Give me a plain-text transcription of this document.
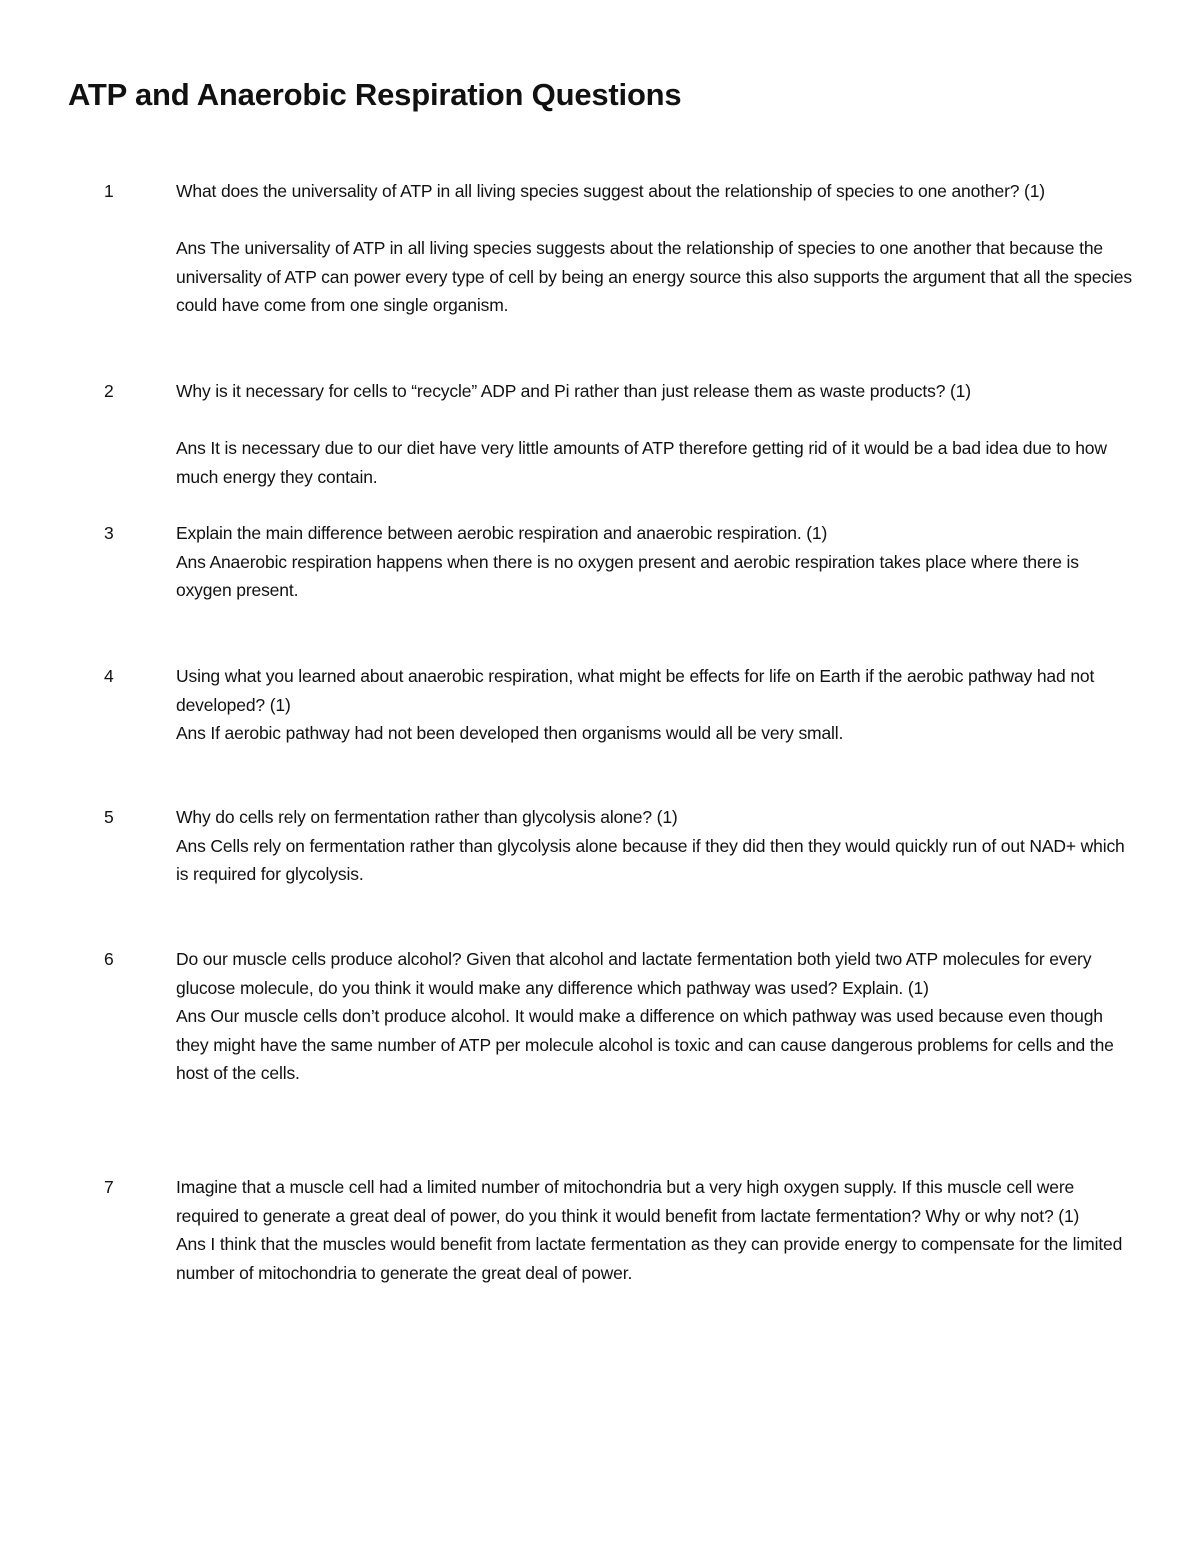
ATP and Anaerobic Respiration Questions
1	What does the universality of ATP in all living species suggest about the relationship of species to one another? (1)

Ans The universality of ATP in all living species suggests about the relationship of species to one another that because the universality of ATP can power every type of cell by being an energy source this also supports the argument that all the species could have come from one single organism.

2	Why is it necessary for cells to “recycle” ADP and Pi rather than just release them as waste products? (1)

Ans It is necessary due to our diet have very little amounts of ATP therefore getting rid of it would be a bad idea due to how much energy they contain.

3	Explain the main difference between aerobic respiration and anaerobic respiration. (1)

Ans Anaerobic respiration happens when there is no oxygen present and aerobic respiration takes place where there is oxygen present.

4	Using what you learned about anaerobic respiration, what might be effects for life on Earth if the aerobic pathway had not developed? (1)

Ans If aerobic pathway had not been developed then organisms would all be very small.

5	Why do cells rely on fermentation rather than glycolysis alone? (1)

Ans Cells rely on fermentation rather than glycolysis alone because if they did then they would quickly run of out NAD+ which is required for glycolysis.

6	Do our muscle cells produce alcohol? Given that alcohol and lactate fermentation both yield two ATP molecules for every glucose molecule, do you think it would make any difference which pathway was used? Explain. (1)

Ans Our muscle cells don’t produce alcohol. It would make a difference on which pathway was used because even though they might have the same number of ATP per molecule alcohol is toxic and can cause dangerous problems for cells and the host of the cells.

7	Imagine that a muscle cell had a limited number of mitochondria but a very high oxygen supply. If this muscle cell were required to generate a great deal of power, do you think it would benefit from lactate fermentation? Why or why not? (1)

Ans I think that the muscles would benefit from lactate fermentation as they can provide energy to compensate for the limited number of mitochondria to generate the great deal of power.
